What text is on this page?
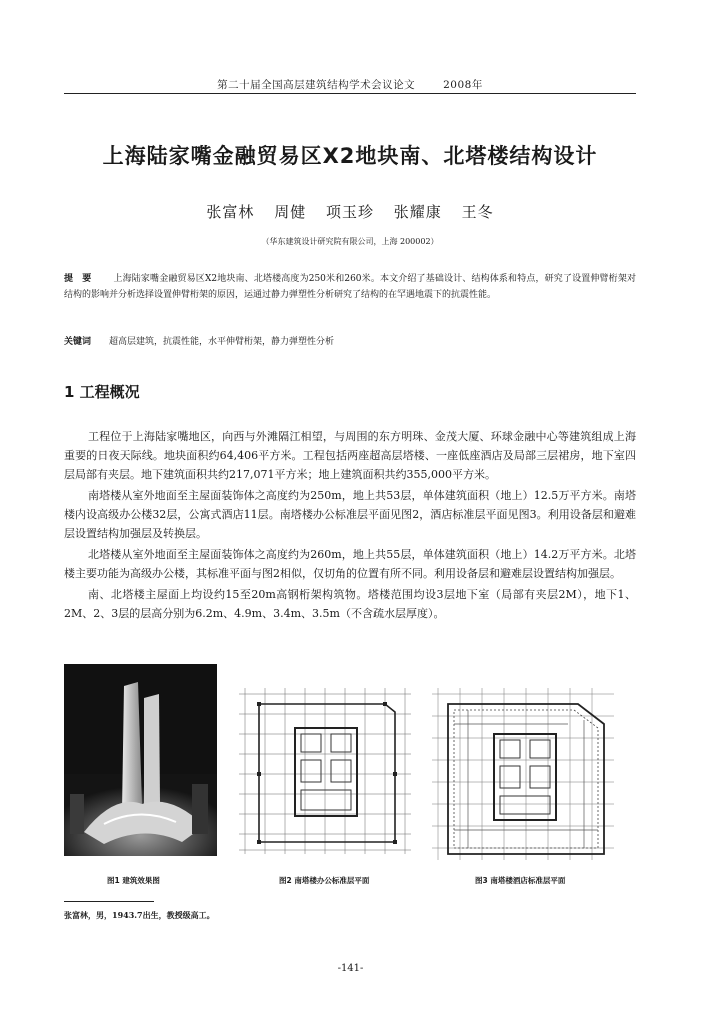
第二十届全国高层建筑结构学术会议论文	2008年
上海陆家嘴金融贸易区X2地块南、北塔楼结构设计
张富林 周健 项玉珍 张耀康 王冬
（华东建筑设计研究院有限公司，上海 200002）
提　要 上海陆家嘴金融贸易区X2地块南、北塔楼高度为250米和260米。本文介绍了基础设计、结构体系和特点，研究了设置伸臂桁架对结构的影响并分析选择设置伸臂桁架的原因，运通过静力弹塑性分析研究了结构的在罕遇地震下的抗震性能。
关键词 超高层建筑，抗震性能，水平伸臂桁架，静力弹塑性分析
1 工程概况

工程位于上海陆家嘴地区，向西与外滩隔江相望，与周围的东方明珠、金茂大厦、环球金融中心等建筑组成上海重要的日夜天际线。地块面积约64,406平方米。工程包括两座超高层塔楼、一座低座酒店及局部三层裙房，地下室四层局部有夹层。地下建筑面积共约217,071平方米；地上建筑面积共约355,000平方米。

南塔楼从室外地面至主屋面装饰体之高度约为250m，地上共53层，单体建筑面积（地上）12.5万平方米。南塔楼内设高级办公楼32层，公寓式酒店11层。南塔楼办公标准层平面见图2，酒店标准层平面见图3。利用设备层和避难层设置结构加强层及转换层。

北塔楼从室外地面至主屋面装饰体之高度约为260m，地上共55层，单体建筑面积（地上）14.2万平方米。北塔楼主要功能为高级办公楼，其标准平面与图2相似，仅切角的位置有所不同。利用设备层和避难层设置结构加强层。

南、北塔楼主屋面上均设约15至20m高钢桁架构筑物。塔楼范围均设3层地下室（局部有夹层2M），地下1、2M、2、3层的层高分别为6.2m、4.9m、3.4m、3.5m（不含疏水层厚度）。

图1 建筑效果图	图2 南塔楼办公标准层平面	图3 南塔楼酒店标准层平面
张富林，男，1943.7出生，教授级高工。
-141-
